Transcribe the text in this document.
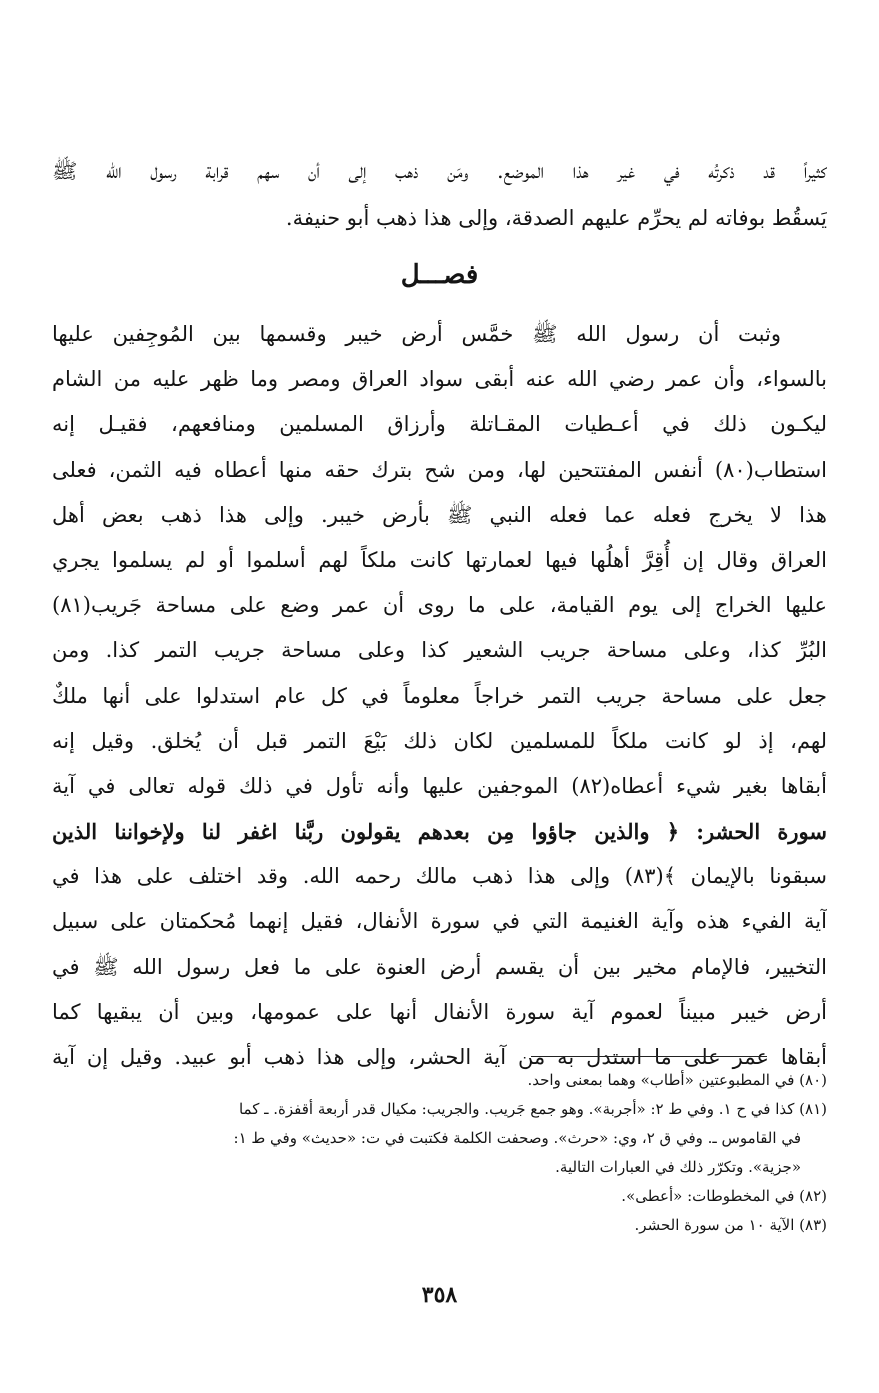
كثيراً قد ذكرتُه في غير هذا الموضع. ومَن ذهب إلى أن سهم قرابة رسول الله ﷺ
يَسقُط بوفاته لم يحرِّم عليهم الصدقة، وإلى هذا ذهب أبو حنيفة.
فصـــل
وثبت أن رسول الله ﷺ خمَّس أرض خيبر وقسمها بين المُوجِفين عليها
بالسواء، وأن عمر رضي الله عنه أبقى سواد العراق ومصر وما ظهر عليه من الشام
ليكـون ذلك في أعـطيات المقـاتلة وأرزاق المسلمين ومنافعهم، فقيـل إنه
استطاب(٨٠) أنفس المفتتحين لها، ومن شح بترك حقه منها أعطاه فيه الثمن، فعلى
هذا لا يخرج فعله عما فعله النبي ﷺ بأرض خيبر. وإلى هذا ذهب بعض أهل
العراق وقال إن أُقِرَّ أهلُها فيها لعمارتها كانت ملكاً لهم أسلموا أو لم يسلموا يجري
عليها الخراج إلى يوم القيامة، على ما روى أن عمر وضع على مساحة جَريب(٨١)
البُرِّ كذا، وعلى مساحة جريب الشعير كذا وعلى مساحة جريب التمر كذا. ومن
جعل على مساحة جريب التمر خراجاً معلوماً في كل عام استدلوا على أنها ملكٌ
لهم، إذ لو كانت ملكاً للمسلمين لكان ذلك بَيْعَ التمر قبل أن يُخلق. وقيل إنه
أبقاها بغير شيء أعطاه(٨٢) الموجفين عليها وأنه تأول في ذلك قوله تعالى في آية
سورة الحشر: ﴿ والذين جاؤوا مِن بعدهم يقولون ربَّنا اغفر لنا ولإخواننا الذين
سبقونا بالإيمان ﴾(٨٣) وإلى هذا ذهب مالك رحمه الله. وقد اختلف على هذا في
آية الفيء هذه وآية الغنيمة التي في سورة الأنفال، فقيل إنهما مُحكمتان على سبيل
التخيير، فالإمام مخير بين أن يقسم أرض العنوة على ما فعل رسول الله ﷺ في
أرض خيبر مبيناً لعموم آية سورة الأنفال أنها على عمومها، وبين أن يبقيها كما
أبقاها عمر على ما استدل به من آية الحشر، وإلى هذا ذهب أبو عبيد. وقيل إن آية
(٨٠) في المطبوعتين «أطاب» وهما بمعنى واحد.
(٨١) كذا في ح ١. وفي ط ٢: «أجربة». وهو جمع جَريب. والجريب: مكيال قدر أربعة أقفزة. ـ كما
في القاموس ـ. وفي ق ٢، وي: «حرث». وصحفت الكلمة فكتبت في ت: «حديث» وفي ط ١:
«جزية». وتكرّر ذلك في العبارات التالية.
(٨٢) في المخطوطات: «أعطى».
(٨٣) الآية ١٠ من سورة الحشر.
٣٥٨
